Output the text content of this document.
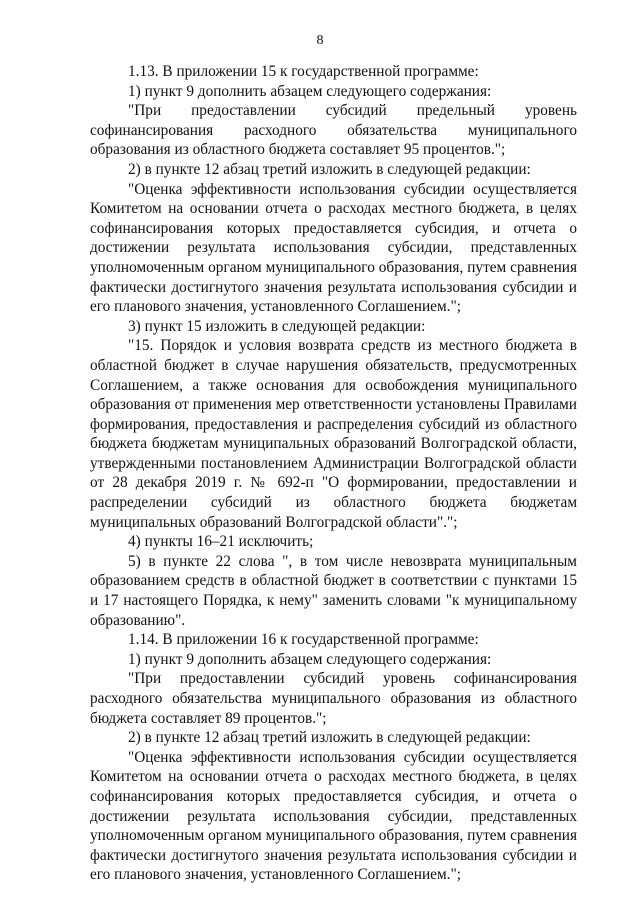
8

1.13. В приложении 15 к государственной программе:

1) пункт 9 дополнить абзацем следующего содержания:

"При предоставлении субсидий предельный уровень софинансирования расходного обязательства муниципального образования из областного бюджета составляет 95 процентов.";

2) в пункте 12 абзац третий изложить в следующей редакции:

"Оценка эффективности использования субсидии осуществляется Комитетом на основании отчета о расходах местного бюджета, в целях софинансирования которых предоставляется субсидия, и отчета о достижении результата использования субсидии, представленных уполномоченным органом муниципального образования, путем сравнения фактически достигнутого значения результата использования субсидии и его планового значения, установленного Соглашением.";

3) пункт 15 изложить в следующей редакции:

"15. Порядок и условия возврата средств из местного бюджета в областной бюджет в случае нарушения обязательств, предусмотренных Соглашением, а также основания для освобождения муниципального образования от применения мер ответственности установлены Правилами формирования, предоставления и распределения субсидий из областного бюджета бюджетам муниципальных образований Волгоградской области, утвержденными постановлением Администрации Волгоградской области от 28 декабря 2019 г. № 692-п "О формировании, предоставлении и распределении субсидий из областного бюджета бюджетам муниципальных образований Волгоградской области".";

4) пункты 16–21 исключить;

5) в пункте 22 слова ", в том числе невозврата муниципальным образованием средств в областной бюджет в соответствии с пунктами 15 и 17 настоящего Порядка, к нему" заменить словами "к муниципальному образованию".

1.14. В приложении 16 к государственной программе:

1) пункт 9 дополнить абзацем следующего содержания:

"При предоставлении субсидий уровень софинансирования расходного обязательства муниципального образования из областного бюджета составляет 89 процентов.";

2) в пункте 12 абзац третий изложить в следующей редакции:

"Оценка эффективности использования субсидии осуществляется Комитетом на основании отчета о расходах местного бюджета, в целях софинансирования которых предоставляется субсидия, и отчета о достижении результата использования субсидии, представленных уполномоченным органом муниципального образования, путем сравнения фактически достигнутого значения результата использования субсидии и его планового значения, установленного Соглашением.";
